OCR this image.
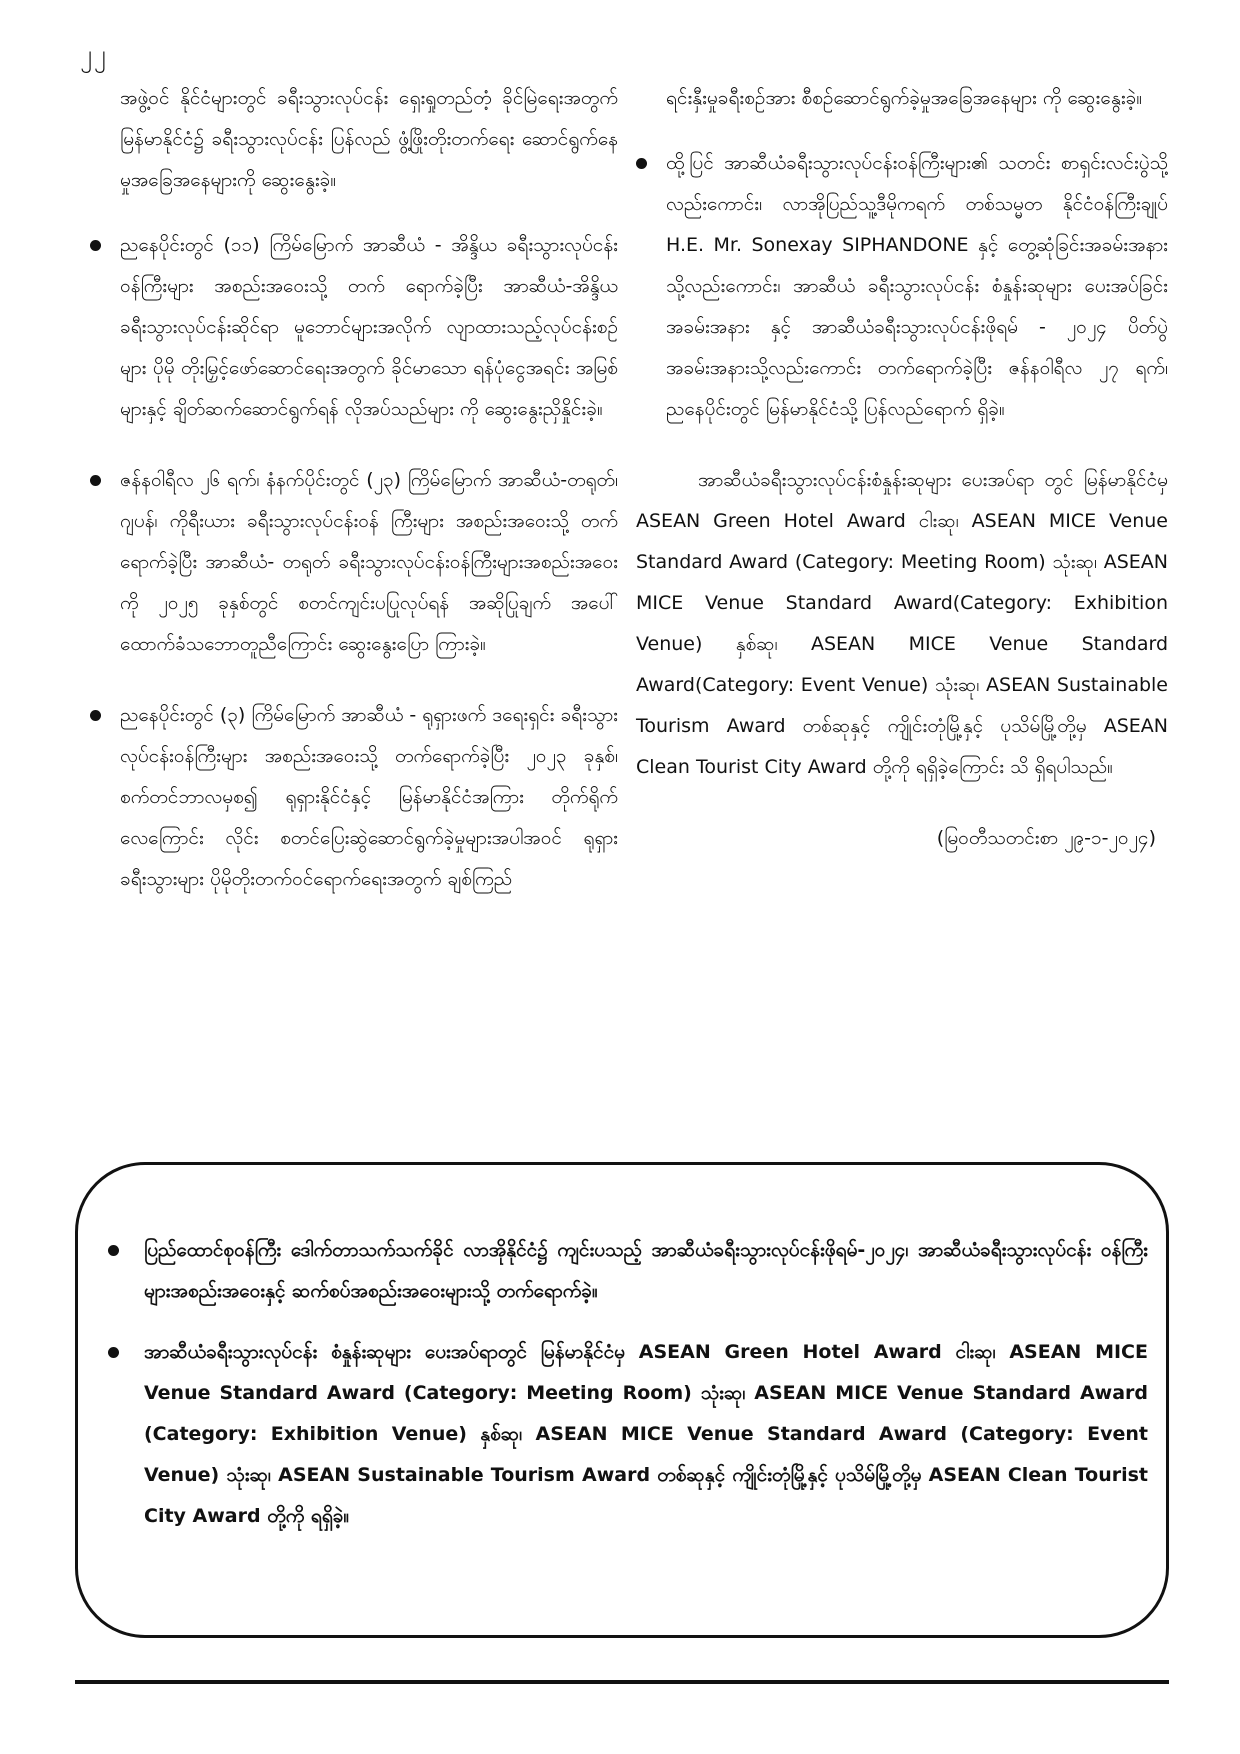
၂၂

အဖွဲ့ဝင် နိုင်ငံများတွင် ခရီးသွားလုပ်ငန်း ရှေးရှုတည်တံ့ ခိုင်မြဲရေးအတွက် မြန်မာနိုင်ငံ၌ ခရီးသွားလုပ်ငန်း ပြန်လည် ဖွံ့ဖြိုးတိုးတက်ရေး ဆောင်ရွက်နေမှုအခြေအနေများကို ဆွေးနွေးခဲ့။

ညနေပိုင်းတွင် (၁၁) ကြိမ်မြောက် အာဆီယံ - အိန္ဒိယ ခရီးသွားလုပ်ငန်းဝန်ကြီးများ အစည်းအဝေးသို့ တက် ရောက်ခဲ့ပြီး အာဆီယံ-အိန္ဒိယ ခရီးသွားလုပ်ငန်းဆိုင်ရာ မူဘောင်များအလိုက် လျာထားသည့်လုပ်ငန်းစဉ်များ ပိုမို တိုးမြှင့်ဖော်ဆောင်ရေးအတွက် ခိုင်မာသော ရန်ပုံငွေအရင်း အမြစ်များနှင့် ချိတ်ဆက်ဆောင်ရွက်ရန် လိုအပ်သည်များ ကို ဆွေးနွေးညှိနှိုင်းခဲ့။
ဇန်နဝါရီလ ၂၆ ရက်၊ နံနက်ပိုင်းတွင် (၂၃) ကြိမ်မြောက် အာဆီယံ-တရုတ်၊ ဂျပန်၊ ကိုရီးယား ခရီးသွားလုပ်ငန်းဝန် ကြီးများ အစည်းအဝေးသို့ တက်ရောက်ခဲ့ပြီး အာဆီယံ- တရုတ် ခရီးသွားလုပ်ငန်းဝန်ကြီးများအစည်းအဝေးကို ၂၀၂၅ ခုနှစ်တွင် စတင်ကျင်းပပြုလုပ်ရန် အဆိုပြုချက် အပေါ် ထောက်ခံသဘောတူညီကြောင်း ဆွေးနွေးပြော ကြားခဲ့။
ညနေပိုင်းတွင် (၃) ကြိမ်မြောက် အာဆီယံ - ရုရှားဖက် ဒရေးရှင်း ခရီးသွားလုပ်ငန်းဝန်ကြီးများ အစည်းအဝေးသို့ တက်ရောက်ခဲ့ပြီး ၂၀၂၃ ခုနှစ်၊ စက်တင်ဘာလမှစ၍ ရုရှားနိုင်ငံနှင့် မြန်မာနိုင်ငံအကြား တိုက်ရိုက်လေကြောင်း လိုင်း စတင်ပြေးဆွဲဆောင်ရွက်ခဲ့မှုများအပါအဝင် ရုရှား ခရီးသွားများ ပိုမိုတိုးတက်ဝင်ရောက်ရေးအတွက် ချစ်ကြည်

ရင်းနှီးမှုခရီးစဉ်အား စီစဉ်ဆောင်ရွက်ခဲ့မှုအခြေအနေများ ကို ဆွေးနွေးခဲ့။

ထို့ပြင် အာဆီယံခရီးသွားလုပ်ငန်းဝန်ကြီးများ၏ သတင်း စာရှင်းလင်းပွဲသို့လည်းကောင်း၊ လာအိုပြည်သူ့ဒီမိုကရက် တစ်သမ္မတ နိုင်ငံဝန်ကြီးချုပ် H.E. Mr. Sonexay SIPHANDONE နှင့် တွေ့ဆုံခြင်းအခမ်းအနားသို့လည်းကောင်း၊ အာဆီယံ ခရီးသွားလုပ်ငန်း စံနှုန်းဆုများ ပေးအပ်ခြင်းအခမ်းအနား နှင့် အာဆီယံခရီးသွားလုပ်ငန်းဖိုရမ် - ၂၀၂၄ ပိတ်ပွဲ အခမ်းအနားသို့လည်းကောင်း တက်ရောက်ခဲ့ပြီး ဇန်နဝါရီလ ၂၇ ရက်၊ ညနေပိုင်းတွင် မြန်မာနိုင်ငံသို့ ပြန်လည်ရောက် ရှိခဲ့။

အာဆီယံခရီးသွားလုပ်ငန်းစံနှုန်းဆုများ ပေးအပ်ရာ တွင် မြန်မာနိုင်ငံမှ ASEAN Green Hotel Award ငါးဆု၊ ASEAN MICE Venue Standard Award (Category: Meeting Room) သုံးဆု၊ ASEAN MICE Venue Standard Award(Category: Exhibition Venue) နှစ်ဆု၊ ASEAN MICE Venue Standard Award(Category: Event Venue) သုံးဆု၊ ASEAN Sustainable Tourism Award တစ်ဆုနှင့် ကျိုင်းတုံမြို့နှင့် ပုသိမ်မြို့တို့မှ ASEAN Clean Tourist City Award တို့ကို ရရှိခဲ့ကြောင်း သိ ရှိရပါသည်။

(မြဝတီသတင်းစာ ၂၉-၁-၂၀၂၄)

ပြည်ထောင်စုဝန်ကြီး ဒေါက်တာသက်သက်ခိုင် လာအိုနိုင်ငံ၌ ကျင်းပသည့် အာဆီယံခရီးသွားလုပ်ငန်းဖိုရမ်-၂၀၂၄၊ အာဆီယံခရီးသွားလုပ်ငန်း ဝန်ကြီးများအစည်းအဝေးနှင့် ဆက်စပ်အစည်းအဝေးများသို့ တက်ရောက်ခဲ့။
အာဆီယံခရီးသွားလုပ်ငန်း စံနှုန်းဆုများ ပေးအပ်ရာတွင် မြန်မာနိုင်ငံမှ ASEAN Green Hotel Award ငါးဆု၊ ASEAN MICE Venue Standard Award (Category: Meeting Room) သုံးဆု၊ ASEAN MICE Venue Standard Award (Category: Exhibition Venue) နှစ်ဆု၊ ASEAN MICE Venue Standard Award (Category: Event Venue) သုံးဆု၊ ASEAN Sustainable Tourism Award တစ်ဆုနှင့် ကျိုင်းတုံမြို့နှင့် ပုသိမ်မြို့တို့မှ ASEAN Clean Tourist City Award တို့ကို ရရှိခဲ့။
